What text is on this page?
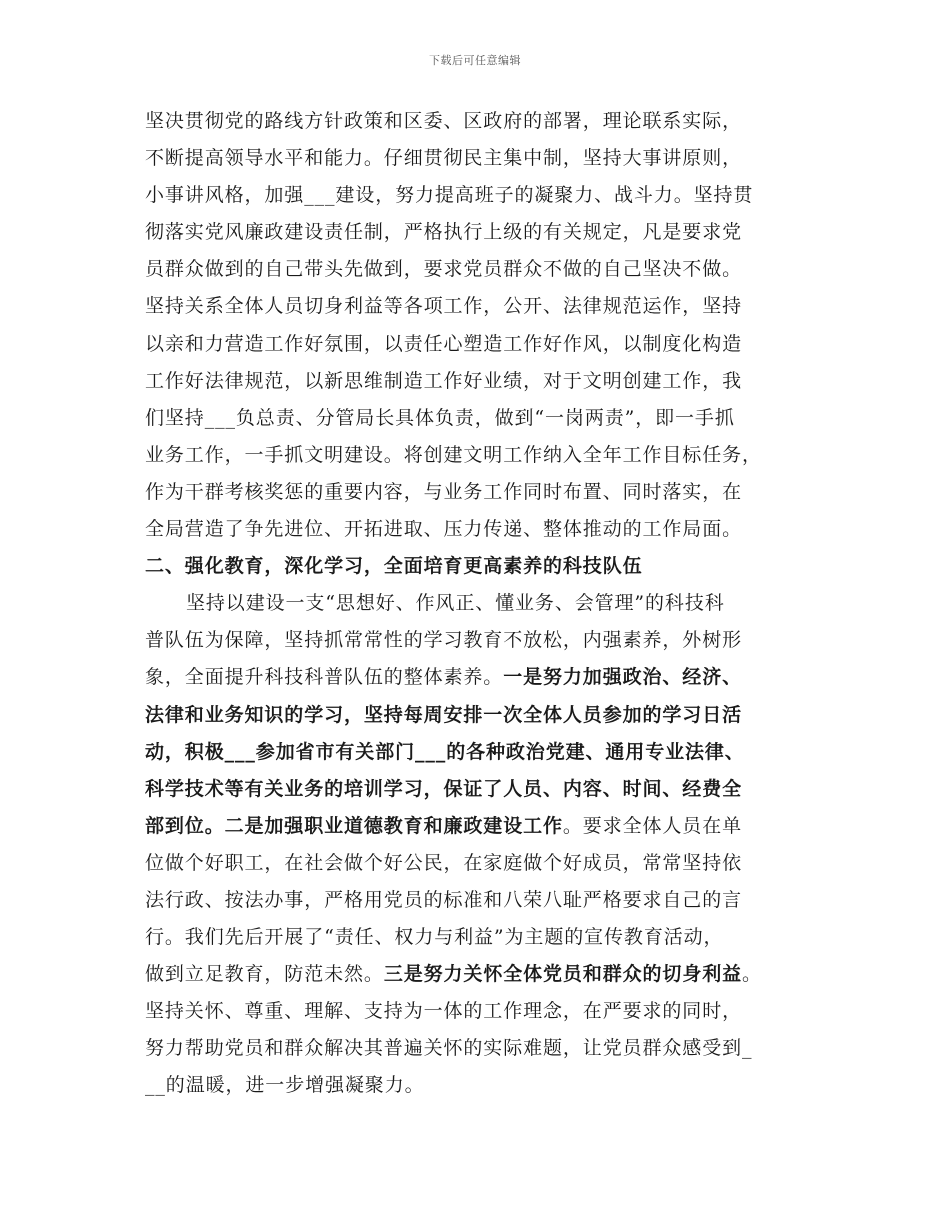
下载后可任意编辑
坚决贯彻党的路线方针政策和区委、区政府的部署，理论联系实际，
不断提高领导水平和能力。仔细贯彻民主集中制，坚持大事讲原则，
小事讲风格，加强___建设，努力提高班子的凝聚力、战斗力。坚持贯
彻落实党风廉政建设责任制，严格执行上级的有关规定，凡是要求党
员群众做到的自己带头先做到，要求党员群众不做的自己坚决不做。
坚持关系全体人员切身利益等各项工作，公开、法律规范运作，坚持
以亲和力营造工作好氛围，以责任心塑造工作好作风，以制度化构造
工作好法律规范，以新思维制造工作好业绩，对于文明创建工作，我
们坚持___负总责、分管局长具体负责，做到“一岗两责”，即一手抓
业务工作，一手抓文明建设。将创建文明工作纳入全年工作目标任务，
作为干群考核奖惩的重要内容，与业务工作同时布置、同时落实，在
全局营造了争先进位、开拓进取、压力传递、整体推动的工作局面。
二、强化教育，深化学习，全面培育更高素养的科技队伍
坚持以建设一支“思想好、作风正、懂业务、会管理”的科技科
普队伍为保障，坚持抓常常性的学习教育不放松，内强素养，外树形
象，全面提升科技科普队伍的整体素养。一是努力加强政治、经济、
法律和业务知识的学习，坚持每周安排一次全体人员参加的学习日活
动，积极___参加省市有关部门___的各种政治党建、通用专业法律、
科学技术等有关业务的培训学习，保证了人员、内容、时间、经费全
部到位。二是加强职业道德教育和廉政建设工作。要求全体人员在单
位做个好职工，在社会做个好公民，在家庭做个好成员，常常坚持依
法行政、按法办事，严格用党员的标准和八荣八耻严格要求自己的言
行。我们先后开展了“责任、权力与利益”为主题的宣传教育活动，
做到立足教育，防范未然。三是努力关怀全体党员和群众的切身利益。
坚持关怀、尊重、理解、支持为一体的工作理念，在严要求的同时，
努力帮助党员和群众解决其普遍关怀的实际难题，让党员群众感受到_
__的温暖，进一步增强凝聚力。
